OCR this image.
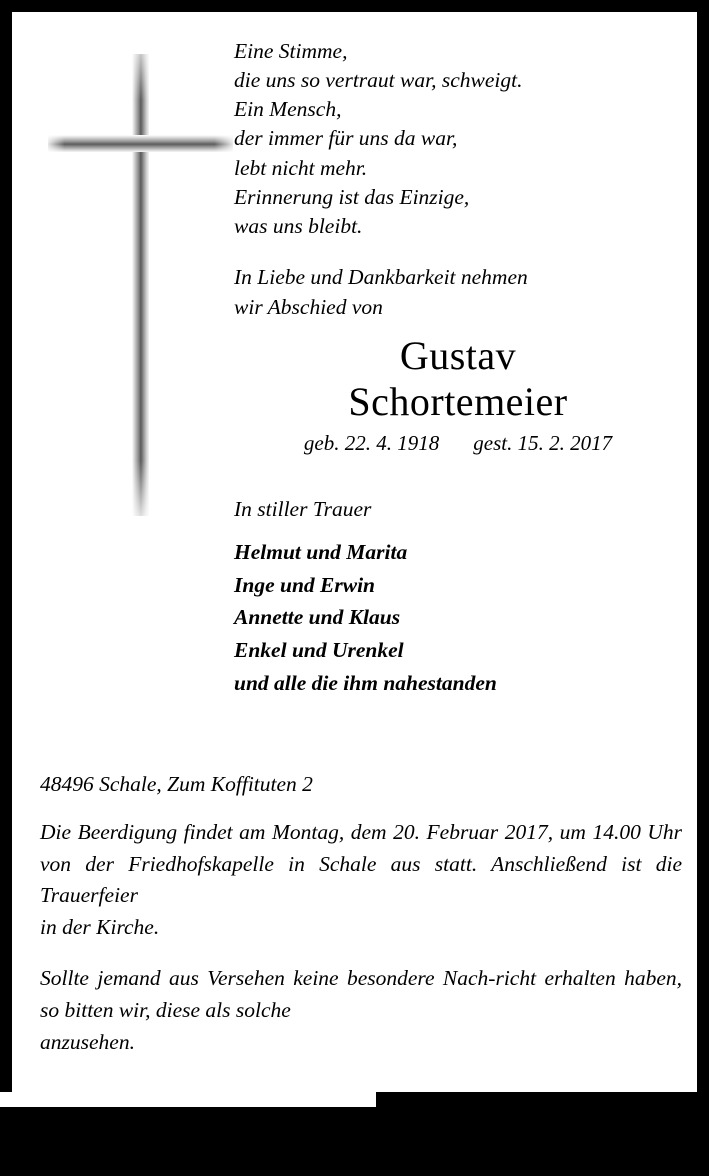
Eine Stimme,
die uns so vertraut war, schweigt.
Ein Mensch,
der immer für uns da war,
lebt nicht mehr.
Erinnerung ist das Einzige,
was uns bleibt.
In Liebe und Dankbarkeit nehmen
wir Abschied von
Gustav
Schortemeier
geb. 22. 4. 1918 gest. 15. 2. 2017
In stiller Trauer
Helmut und Marita
Inge und Erwin
Annette und Klaus
Enkel und Urenkel
und alle die ihm nahestanden
48496 Schale, Zum Koffituten 2
Die Beerdigung findet am Montag, dem 20. Februar 2017, um 14.00 Uhr von der Friedhofskapelle in Schale aus statt. Anschließend ist die Trauerfeier
in der Kirche.
Sollte jemand aus Versehen keine besondere Nach-richt erhalten haben, so bitten wir, diese als solche
anzusehen.
